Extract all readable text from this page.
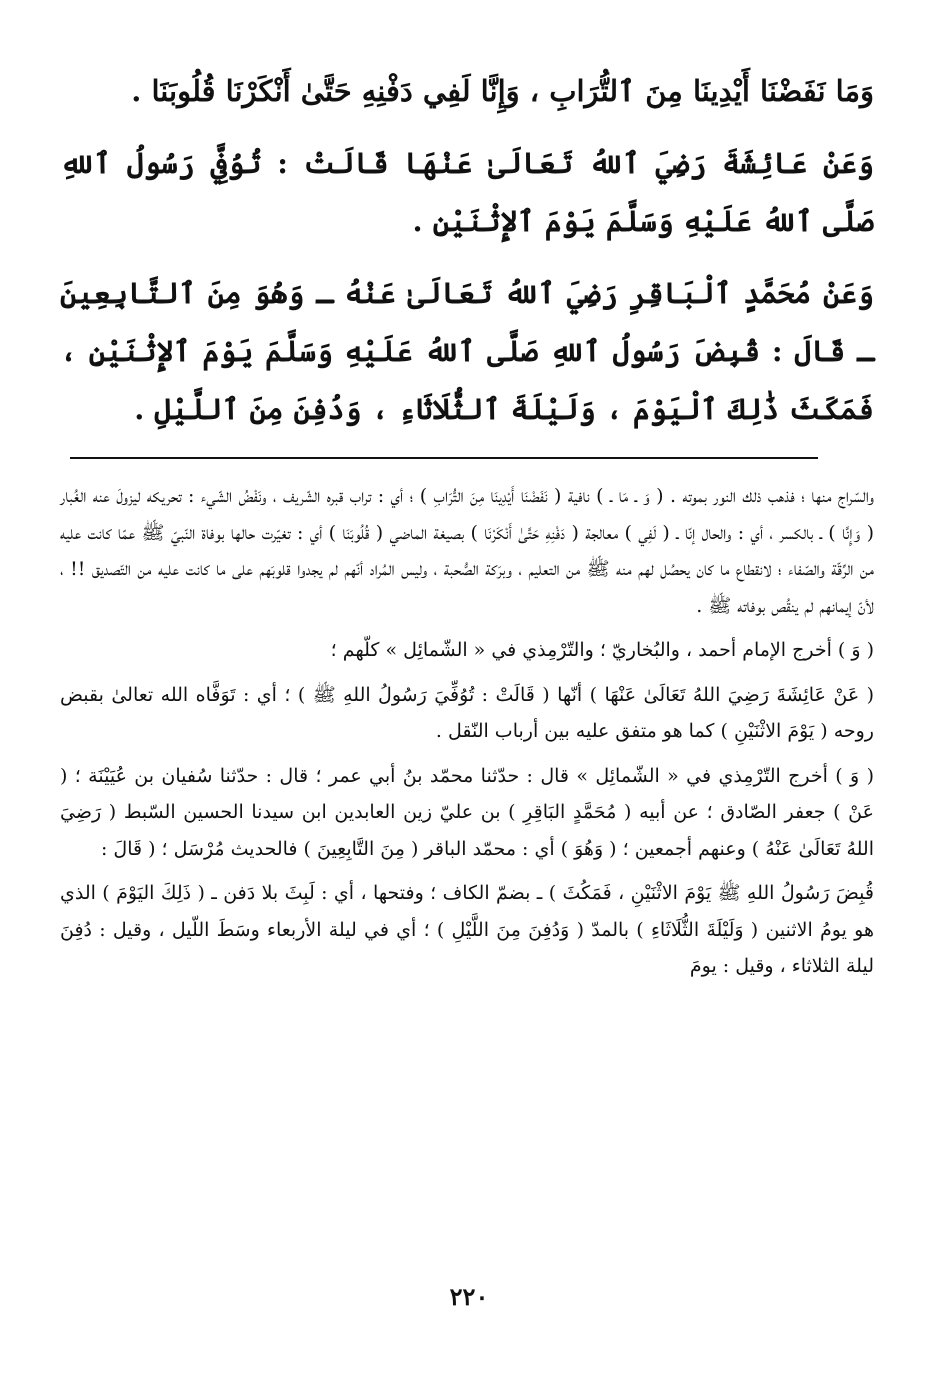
وَمَا نَفَضْنَا أَيْدِينَا مِنَ ٱلتُّرَابِ ، وَإِنَّا لَفِي دَفْنِهِ حَتَّىٰ أَنْكَرْنَا قُلُوبَنَا .

وَعَنْ عَائِشَةَ رَضِيَ ٱللهُ تَعَالَىٰ عَنْهَا قَالَتْ : تُوُفِّيَ رَسُولُ ٱللهِ صَلَّى ٱللهُ عَلَيْهِ وَسَلَّمَ يَوْمَ ٱلإِثْنَيْنِ .

وَعَنْ مُحَمَّدٍ ٱلْبَاقِرِ رَضِيَ ٱللهُ تَعَالَىٰ عَنْهُ ـ وَهُوَ مِنَ ٱلتَّابِعِينَ ـ قَالَ : قُبِضَ رَسُولُ ٱللهِ صَلَّى ٱللهُ عَلَيْهِ وَسَلَّمَ يَوْمَ ٱلإِثْنَيْنِ ، فَمَكَثَ ذَٰلِكَ ٱلْيَوْمَ ، وَلَيْلَةَ ٱلثُّلَاثَاءِ ، وَدُفِنَ مِنَ ٱللَّيْلِ .

والسّراج منها ؛ فذهب ذلك النور بموته . ( وَ ـ مَا ـ ) نافية ( نَفَضْنَا أَيْدِينَا مِنَ التُّرَابِ ) ؛ أي : تراب قبره الشّريف ، ونَفْضُ الشّيء : تحريكه ليزولَ عنه الغُبار ( وَإِنَّا ) ـ بالكسر ، أي : والحال إنّا ـ ( لَفِي ) معالجة ( دَفْنِهِ حَتَّىٰ أَنْكَرْنَا ) بصيغة الماضي ( قُلُوبَنَا ) أي : تغيّرت حالها بوفاة النّبيّ ﷺ عمّا كانت عليه من الرِّقّة والصّفاء ؛ لانقطاع ما كان يحصُل لهم منه ﷺ من التعليم ، وبرَكة الصُّحبة ، وليس المُراد أنّهم لم يجدوا قلوبَهم على ما كانت عليه من التّصديق !! ، لأنّ إيمانهم لم ينقُص بوفاته ﷺ .

( وَ ) أخرج الإمام أحمد ، والبُخاريّ ؛ والتّرْمِذي في « الشّمائِل » كلّهم ؛

( عَنْ عَائِشَةَ رَضِيَ اللهُ تَعَالَىٰ عَنْهَا ) أنّها ( قَالَتْ : تُوُفِّيَ رَسُولُ اللهِ ﷺ ) ؛ أي : تَوَفَّاه الله تعالىٰ بقبض روحه ( يَوْمَ الاثْنَيْنِ ) كما هو متفق عليه بين أرباب النّقل .

( وَ ) أخرج التّرْمِذي في « الشّمائِل » قال : حدّثنا محمّد بنُ أبي عمر ؛ قال : حدّثنا سُفيان بن عُيَيْنَة ؛ ( عَنْ ) جعفر الصّادق ؛ عن أبيه ( مُحَمَّدٍ البَاقِرِ ) بن عليّ زين العابدين ابن سيدنا الحسين السّبط ( رَضِيَ اللهُ تَعَالَىٰ عَنْهُ ) وعنهم أجمعين ؛ ( وَهُوَ ) أي : محمّد الباقر ( مِنَ التَّابِعِينَ ) فالحديث مُرْسَل ؛ ( قَالَ :

قُبِضَ رَسُولُ اللهِ ﷺ يَوْمَ الاثْنَيْنِ ، فَمَكُثَ ) ـ بضمّ الكاف ؛ وفتحها ، أي : لَبِثَ بلا دَفن ـ ( ذَلِكَ اليَوْمَ ) الذي هو يومُ الاثنين ( وَلَيْلَةَ الثُّلَاثَاءِ ) بالمدّ ( وَدُفِنَ مِنَ اللَّيْلِ ) ؛ أي في ليلة الأربعاء وسَطَ اللّيل ، وقيل : دُفِنَ ليلة الثلاثاء ، وقيل : يومَ

٢٢٠
